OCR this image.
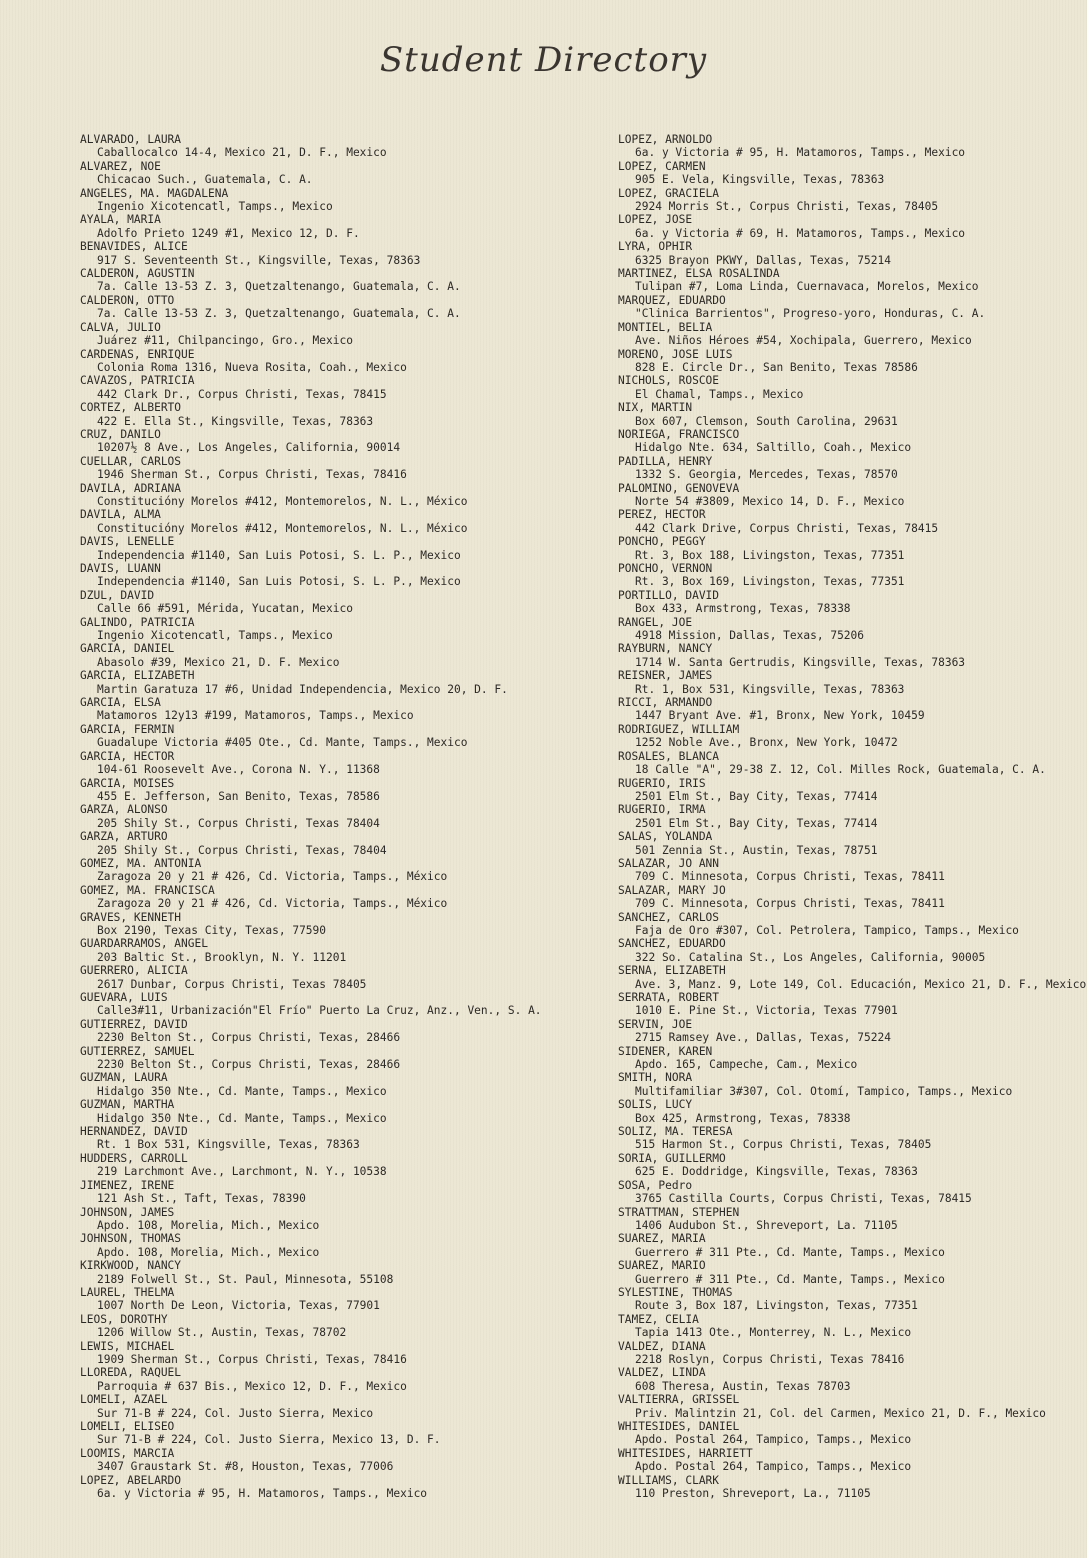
Student Directory
ALVARADO, LAURA
Caballocalco 14-4, Mexico 21, D. F., Mexico
ALVAREZ, NOE
Chicacao Such., Guatemala, C. A.
ANGELES, MA. MAGDALENA
Ingenio Xicotencatl, Tamps., Mexico
AYALA, MARIA
Adolfo Prieto 1249 #1, Mexico 12, D. F.
BENAVIDES, ALICE
917 S. Seventeenth St., Kingsville, Texas, 78363
CALDERON, AGUSTIN
7a. Calle 13-53 Z. 3, Quetzaltenango, Guatemala, C. A.
CALDERON, OTTO
7a. Calle 13-53 Z. 3, Quetzaltenango, Guatemala, C. A.
CALVA, JULIO
Juárez #11, Chilpancingo, Gro., Mexico
CARDENAS, ENRIQUE
Colonia Roma 1316, Nueva Rosita, Coah., Mexico
CAVAZOS, PATRICIA
442 Clark Dr., Corpus Christi, Texas, 78415
CORTEZ, ALBERTO
422 E. Ella St., Kingsville, Texas, 78363
CRUZ, DANILO
10207½ 8 Ave., Los Angeles, California, 90014
CUELLAR, CARLOS
1946 Sherman St., Corpus Christi, Texas, 78416
DAVILA, ADRIANA
Constitucióny Morelos #412, Montemorelos, N. L., México
DAVILA, ALMA
Constitucióny Morelos #412, Montemorelos, N. L., México
DAVIS, LENELLE
Independencia #1140, San Luis Potosi, S. L. P., Mexico
DAVIS, LUANN
Independencia #1140, San Luis Potosi, S. L. P., Mexico
DZUL, DAVID
Calle 66 #591, Mérida, Yucatan, Mexico
GALINDO, PATRICIA
Ingenio Xicotencatl, Tamps., Mexico
GARCIA, DANIEL
Abasolo #39, Mexico 21, D. F. Mexico
GARCIA, ELIZABETH
Martin Garatuza 17 #6, Unidad Independencia, Mexico 20, D. F.
GARCIA, ELSA
Matamoros 12y13 #199, Matamoros, Tamps., Mexico
GARCIA, FERMIN
Guadalupe Victoria #405 Ote., Cd. Mante, Tamps., Mexico
GARCIA, HECTOR
104-61 Roosevelt Ave., Corona N. Y., 11368
GARCIA, MOISES
455 E. Jefferson, San Benito, Texas, 78586
GARZA, ALONSO
205 Shily St., Corpus Christi, Texas 78404
GARZA, ARTURO
205 Shily St., Corpus Christi, Texas, 78404
GOMEZ, MA. ANTONIA
Zaragoza 20 y 21 # 426, Cd. Victoria, Tamps., México
GOMEZ, MA. FRANCISCA
Zaragoza 20 y 21 # 426, Cd. Victoria, Tamps., México
GRAVES, KENNETH
Box 2190, Texas City, Texas, 77590
GUARDARRAMOS, ANGEL
203 Baltic St., Brooklyn, N. Y. 11201
GUERRERO, ALICIA
2617 Dunbar, Corpus Christi, Texas 78405
GUEVARA, LUIS
Calle3#11, Urbanización"El Frío" Puerto La Cruz, Anz., Ven., S. A.
GUTIERREZ, DAVID
2230 Belton St., Corpus Christi, Texas, 28466
GUTIERREZ, SAMUEL
2230 Belton St., Corpus Christi, Texas, 28466
GUZMAN, LAURA
Hidalgo 350 Nte., Cd. Mante, Tamps., Mexico
GUZMAN, MARTHA
Hidalgo 350 Nte., Cd. Mante, Tamps., Mexico
HERNANDEZ, DAVID
Rt. 1 Box 531, Kingsville, Texas, 78363
HUDDERS, CARROLL
219 Larchmont Ave., Larchmont, N. Y., 10538
JIMENEZ, IRENE
121 Ash St., Taft, Texas, 78390
JOHNSON, JAMES
Apdo. 108, Morelia, Mich., Mexico
JOHNSON, THOMAS
Apdo. 108, Morelia, Mich., Mexico
KIRKWOOD, NANCY
2189 Folwell St., St. Paul, Minnesota, 55108
LAUREL, THELMA
1007 North De Leon, Victoria, Texas, 77901
LEOS, DOROTHY
1206 Willow St., Austin, Texas, 78702
LEWIS, MICHAEL
1909 Sherman St., Corpus Christi, Texas, 78416
LLOREDA, RAQUEL
Parroquia # 637 Bis., Mexico 12, D. F., Mexico
LOMELI, AZAEL
Sur 71-B # 224, Col. Justo Sierra, Mexico
LOMELI, ELISEO
Sur 71-B # 224, Col. Justo Sierra, Mexico 13, D. F.
LOOMIS, MARCIA
3407 Graustark St. #8, Houston, Texas, 77006
LOPEZ, ABELARDO
6a. y Victoria # 95, H. Matamoros, Tamps., Mexico
LOPEZ, ARNOLDO
6a. y Victoria # 95, H. Matamoros, Tamps., Mexico
LOPEZ, CARMEN
905 E. Vela, Kingsville, Texas, 78363
LOPEZ, GRACIELA
2924 Morris St., Corpus Christi, Texas, 78405
LOPEZ, JOSE
6a. y Victoria # 69, H. Matamoros, Tamps., Mexico
LYRA, OPHIR
6325 Brayon PKWY, Dallas, Texas, 75214
MARTINEZ, ELSA ROSALINDA
Tulipan #7, Loma Linda, Cuernavaca, Morelos, Mexico
MARQUEZ, EDUARDO
"Clinica Barrientos", Progreso-yoro, Honduras, C. A.
MONTIEL, BELIA
Ave. Niños Héroes #54, Xochipala, Guerrero, Mexico
MORENO, JOSE LUIS
828 E. Circle Dr., San Benito, Texas 78586
NICHOLS, ROSCOE
El Chamal, Tamps., Mexico
NIX, MARTIN
Box 607, Clemson, South Carolina, 29631
NORIEGA, FRANCISCO
Hidalgo Nte. 634, Saltillo, Coah., Mexico
PADILLA, HENRY
1332 S. Georgia, Mercedes, Texas, 78570
PALOMINO, GENOVEVA
Norte 54 #3809, Mexico 14, D. F., Mexico
PEREZ, HECTOR
442 Clark Drive, Corpus Christi, Texas, 78415
PONCHO, PEGGY
Rt. 3, Box 188, Livingston, Texas, 77351
PONCHO, VERNON
Rt. 3, Box 169, Livingston, Texas, 77351
PORTILLO, DAVID
Box 433, Armstrong, Texas, 78338
RANGEL, JOE
4918 Mission, Dallas, Texas, 75206
RAYBURN, NANCY
1714 W. Santa Gertrudis, Kingsville, Texas, 78363
REISNER, JAMES
Rt. 1, Box 531, Kingsville, Texas, 78363
RICCI, ARMANDO
1447 Bryant Ave. #1, Bronx, New York, 10459
RODRIGUEZ, WILLIAM
1252 Noble Ave., Bronx, New York, 10472
ROSALES, BLANCA
18 Calle "A", 29-38 Z. 12, Col. Milles Rock, Guatemala, C. A.
RUGERIO, IRIS
2501 Elm St., Bay City, Texas, 77414
RUGERIO, IRMA
2501 Elm St., Bay City, Texas, 77414
SALAS, YOLANDA
501 Zennia St., Austin, Texas, 78751
SALAZAR, JO ANN
709 C. Minnesota, Corpus Christi, Texas, 78411
SALAZAR, MARY JO
709 C. Minnesota, Corpus Christi, Texas, 78411
SANCHEZ, CARLOS
Faja de Oro #307, Col. Petrolera, Tampico, Tamps., Mexico
SANCHEZ, EDUARDO
322 So. Catalina St., Los Angeles, California, 90005
SERNA, ELIZABETH
Ave. 3, Manz. 9, Lote 149, Col. Educación, Mexico 21, D. F., Mexico
SERRATA, ROBERT
1010 E. Pine St., Victoria, Texas 77901
SERVIN, JOE
2715 Ramsey Ave., Dallas, Texas, 75224
SIDENER, KAREN
Apdo. 165, Campeche, Cam., Mexico
SMITH, NORA
Multifamiliar 3#307, Col. Otomí, Tampico, Tamps., Mexico
SOLIS, LUCY
Box 425, Armstrong, Texas, 78338
SOLIZ, MA. TERESA
515 Harmon St., Corpus Christi, Texas, 78405
SORIA, GUILLERMO
625 E. Doddridge, Kingsville, Texas, 78363
SOSA, Pedro
3765 Castilla Courts, Corpus Christi, Texas, 78415
STRATTMAN, STEPHEN
1406 Audubon St., Shreveport, La. 71105
SUAREZ, MARIA
Guerrero # 311 Pte., Cd. Mante, Tamps., Mexico
SUAREZ, MARIO
Guerrero # 311 Pte., Cd. Mante, Tamps., Mexico
SYLESTINE, THOMAS
Route 3, Box 187, Livingston, Texas, 77351
TAMEZ, CELIA
Tapia 1413 Ote., Monterrey, N. L., Mexico
VALDEZ, DIANA
2218 Roslyn, Corpus Christi, Texas 78416
VALDEZ, LINDA
608 Theresa, Austin, Texas 78703
VALTIERRA, GRISSEL
Priv. Malintzin 21, Col. del Carmen, Mexico 21, D. F., Mexico
WHITESIDES, DANIEL
Apdo. Postal 264, Tampico, Tamps., Mexico
WHITESIDES, HARRIETT
Apdo. Postal 264, Tampico, Tamps., Mexico
WILLIAMS, CLARK
110 Preston, Shreveport, La., 71105
